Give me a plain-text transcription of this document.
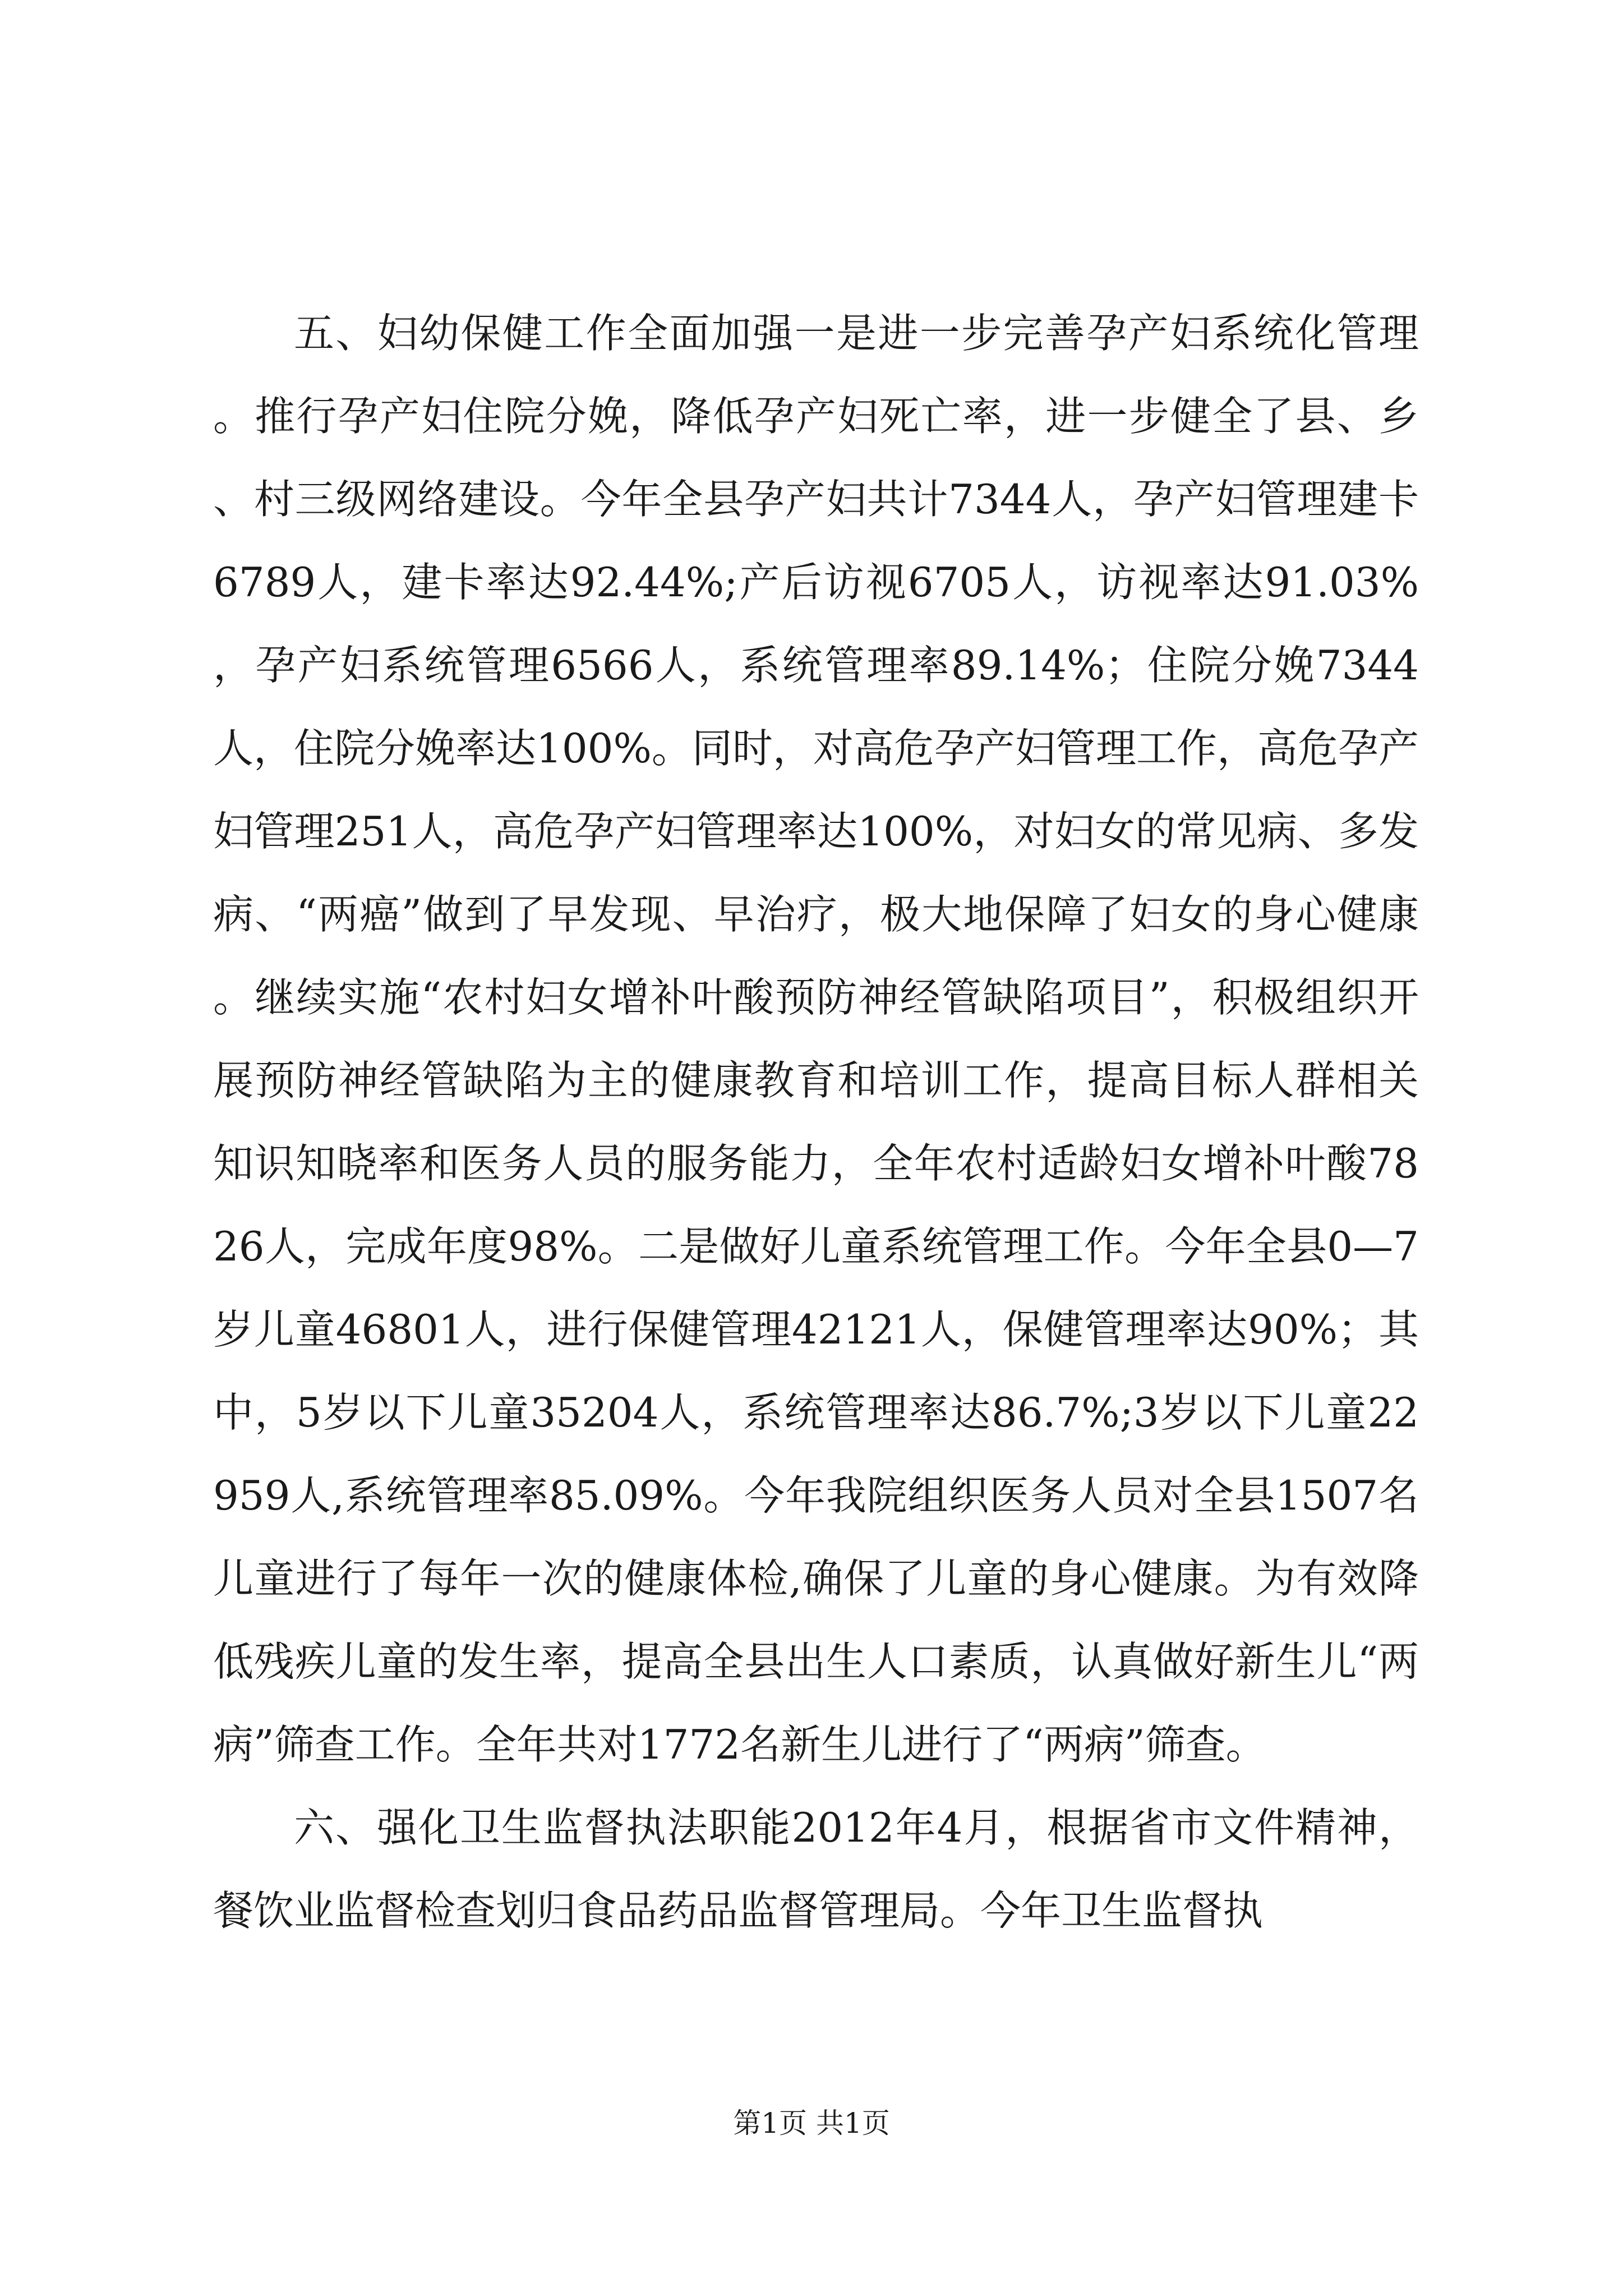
五、妇幼保健工作全面加强一是进一步完善孕产妇系统化管理。推行孕产妇住院分娩，降低孕产妇死亡率，进一步健全了县、乡、村三级网络建设。今年全县孕产妇共计7344人，孕产妇管理建卡6789人，建卡率达92.44%;产后访视6705人，访视率达91.03%，孕产妇系统管理6566人，系统管理率89.14%；住院分娩7344人，住院分娩率达100%。同时，对高危孕产妇管理工作，高危孕产妇管理251人，高危孕产妇管理率达100%，对妇女的常见病、多发病、“两癌”做到了早发现、早治疗，极大地保障了妇女的身心健康。继续实施“农村妇女增补叶酸预防神经管缺陷项目”，积极组织开展预防神经管缺陷为主的健康教育和培训工作，提高目标人群相关知识知晓率和医务人员的服务能力，全年农村适龄妇女增补叶酸7826人，完成年度98%。二是做好儿童系统管理工作。今年全县0—7岁儿童46801人，进行保健管理42121人，保健管理率达90%；其中，5岁以下儿童35204人，系统管理率达86.7%;3岁以下儿童22959人,系统管理率85.09%。今年我院组织医务人员对全县1507名儿童进行了每年一次的健康体检,确保了儿童的身心健康。为有效降低残疾儿童的发生率，提高全县出生人口素质，认真做好新生儿“两病”筛查工作。全年共对1772名新生儿进行了“两病”筛查。

六、强化卫生监督执法职能2012年4月，根据省市文件精神，餐饮业监督检查划归食品药品监督管理局。今年卫生监督执

第1页 共1页
